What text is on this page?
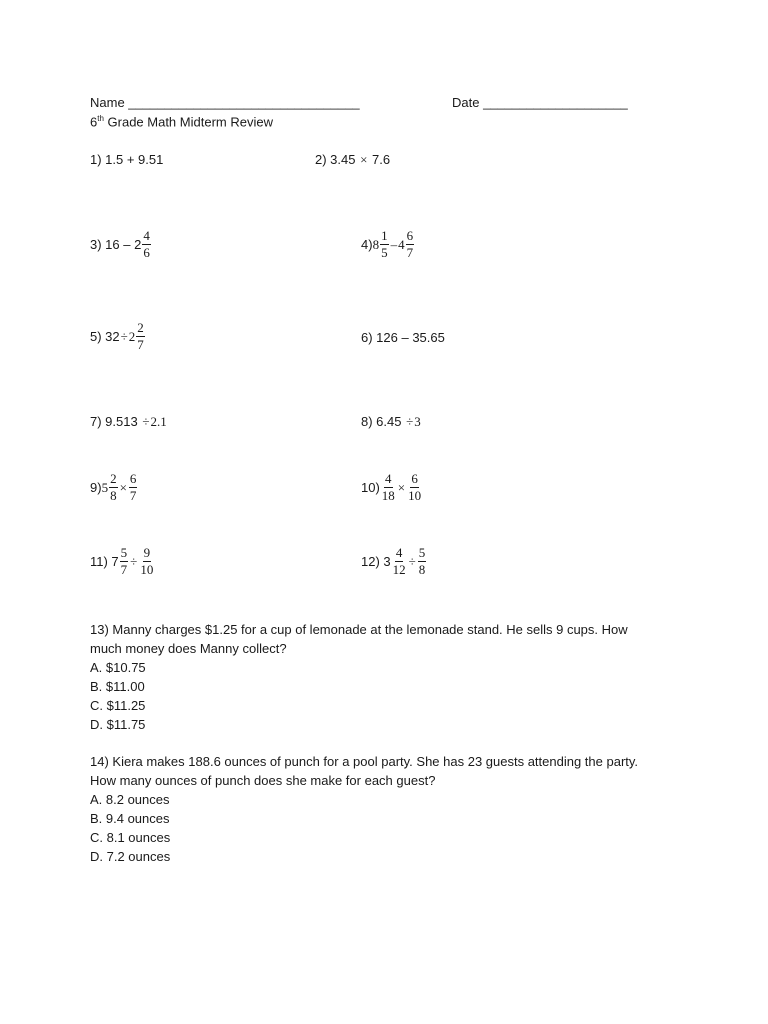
Name ________________________________	Date ____________________
6th Grade Math Midterm Review
1) 1.5 + 9.51	2) 3.45 × 7.6
3) $16 - 2 \frac{4}{6}$	4) $8 \frac{1}{5} - 4 \frac{6}{7}$
5) $32 \div 2 \frac{2}{7}$	6) 126 – 35.65
7) 9.513 ÷2.1	8) 6.45 ÷3
9) $5 \frac{2}{8} \times \frac{6}{7}$	$10) \frac{4}{18} \times \frac{6}{10}$
11) $7 \frac{5}{7} \div \frac{9}{10}$	12) $3 \frac{4}{12} \div \frac{5}{8}$
13) Manny charges $1.25 for a cup of lemonade at the lemonade stand. He sells 9 cups. How
much money does Manny collect?
A. $10.75
B. $11.00
C. $11.25
D. $11.75
14) Kiera makes 188.6 ounces of punch for a pool party. She has 23 guests attending the party.
How many ounces of punch does she make for each guest?
A. 8.2 ounces
B. 9.4 ounces
C. 8.1 ounces
D. 7.2 ounces
